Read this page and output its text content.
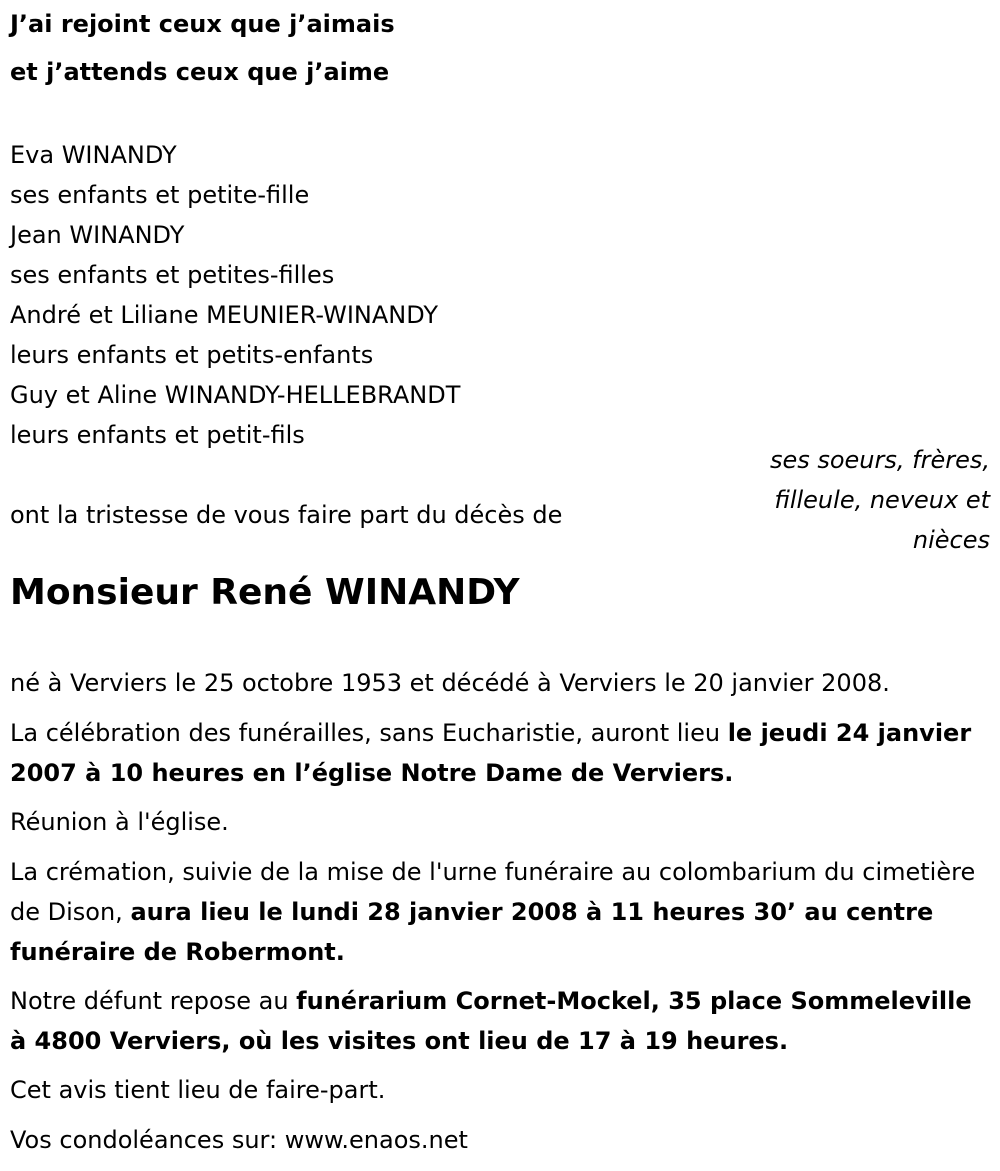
J’ai rejoint ceux que j’aimais
et j’attends ceux que j’aime
Eva WINANDY
ses enfants et petite-fille
Jean WINANDY
ses enfants et petites-filles
André et Liliane MEUNIER-WINANDY
leurs enfants et petits-enfants
Guy et Aline WINANDY-HELLEBRANDT
leurs enfants et petit-fils
ses soeurs, frères,
filleule, neveux et
nièces
ont la tristesse de vous faire part du décès de
Monsieur René WINANDY
né à Verviers le 25 octobre 1953 et décédé à Verviers le 20 janvier 2008.
La célébration des funérailles, sans Eucharistie, auront lieu le jeudi 24 janvier 2007 à 10 heures en l’église Notre Dame de Verviers.
Réunion à l'église.
La crémation, suivie de la mise de l'urne funéraire au colombarium du cimetière de Dison, aura lieu le lundi 28 janvier 2008 à 11 heures 30’ au centre funéraire de Robermont.
Notre défunt repose au funérarium Cornet-Mockel, 35 place Sommeleville à 4800 Verviers, où les visites ont lieu de 17 à 19 heures.
Cet avis tient lieu de faire-part.
Vos condoléances sur: www.enaos.net
